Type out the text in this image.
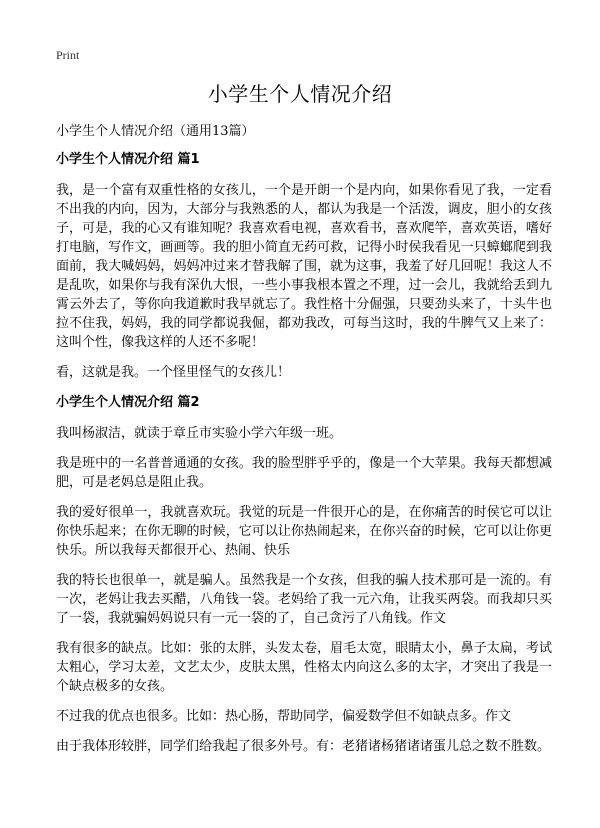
Print
小学生个人情况介绍

小学生个人情况介绍（通用13篇）

小学生个人情况介绍 篇1

我，是一个富有双重性格的女孩儿，一个是开朗一个是内向，如果你看见了我，一定看不出我的内向，因为，大部分与我熟悉的人，都认为我是一个活泼，调皮，胆小的女孩子，可是，我的心又有谁知呢？我喜欢看电视，喜欢看书，喜欢爬竿，喜欢英语，嗜好打电脑，写作文，画画等。我的胆小简直无药可救，记得小时侯我看见一只蟑螂爬到我面前，我大喊妈妈，妈妈冲过来才替我解了围，就为这事，我羞了好几回呢！我这人不是乱吹，如果你与我有深仇大恨，一些小事我根本置之不理，过一会儿，我就给丢到九霄云外去了，等你向我道歉时我早就忘了。我性格十分倔强，只要劲头来了，十头牛也拉不住我，妈妈，我的同学都说我倔，都劝我改，可每当这时，我的牛脾气又上来了：这叫个性，像我这样的人还不多呢！

看，这就是我。一个怪里怪气的女孩儿！

小学生个人情况介绍 篇2

我叫杨淑洁，就读于章丘市实验小学六年级一班。

我是班中的一名普普通通的女孩。我的脸型胖乎乎的，像是一个大苹果。我每天都想减肥，可是老妈总是阻止我。

我的爱好很单一，我就喜欢玩。我觉的玩是一件很开心的是，在你痛苦的时侯它可以让你快乐起来；在你无聊的时候，它可以让你热闹起来，在你兴奋的时候，它可以让你更快乐。所以我每天都很开心、热闹、快乐

我的特长也很单一，就是骗人。虽然我是一个女孩，但我的骗人技术那可是一流的。有一次，老妈让我去买醋，八角钱一袋。老妈给了我一元六角，让我买两袋。而我却只买了一袋，我就骗妈妈说只有一元一袋的了，自己贪污了八角钱。作文

我有很多的缺点。比如：张的太胖，头发太卷，眉毛太宽，眼睛太小，鼻子太扁，考试太粗心，学习太差，文艺太少，皮肤太黑，性格太内向这么多的太字，才突出了我是一个缺点极多的女孩。

不过我的优点也很多。比如：热心肠，帮助同学，偏爱数学但不如缺点多。作文

由于我体形较胖，同学们给我起了很多外号。有：老猪诸杨猪诸诸蛋儿总之数不胜数。
